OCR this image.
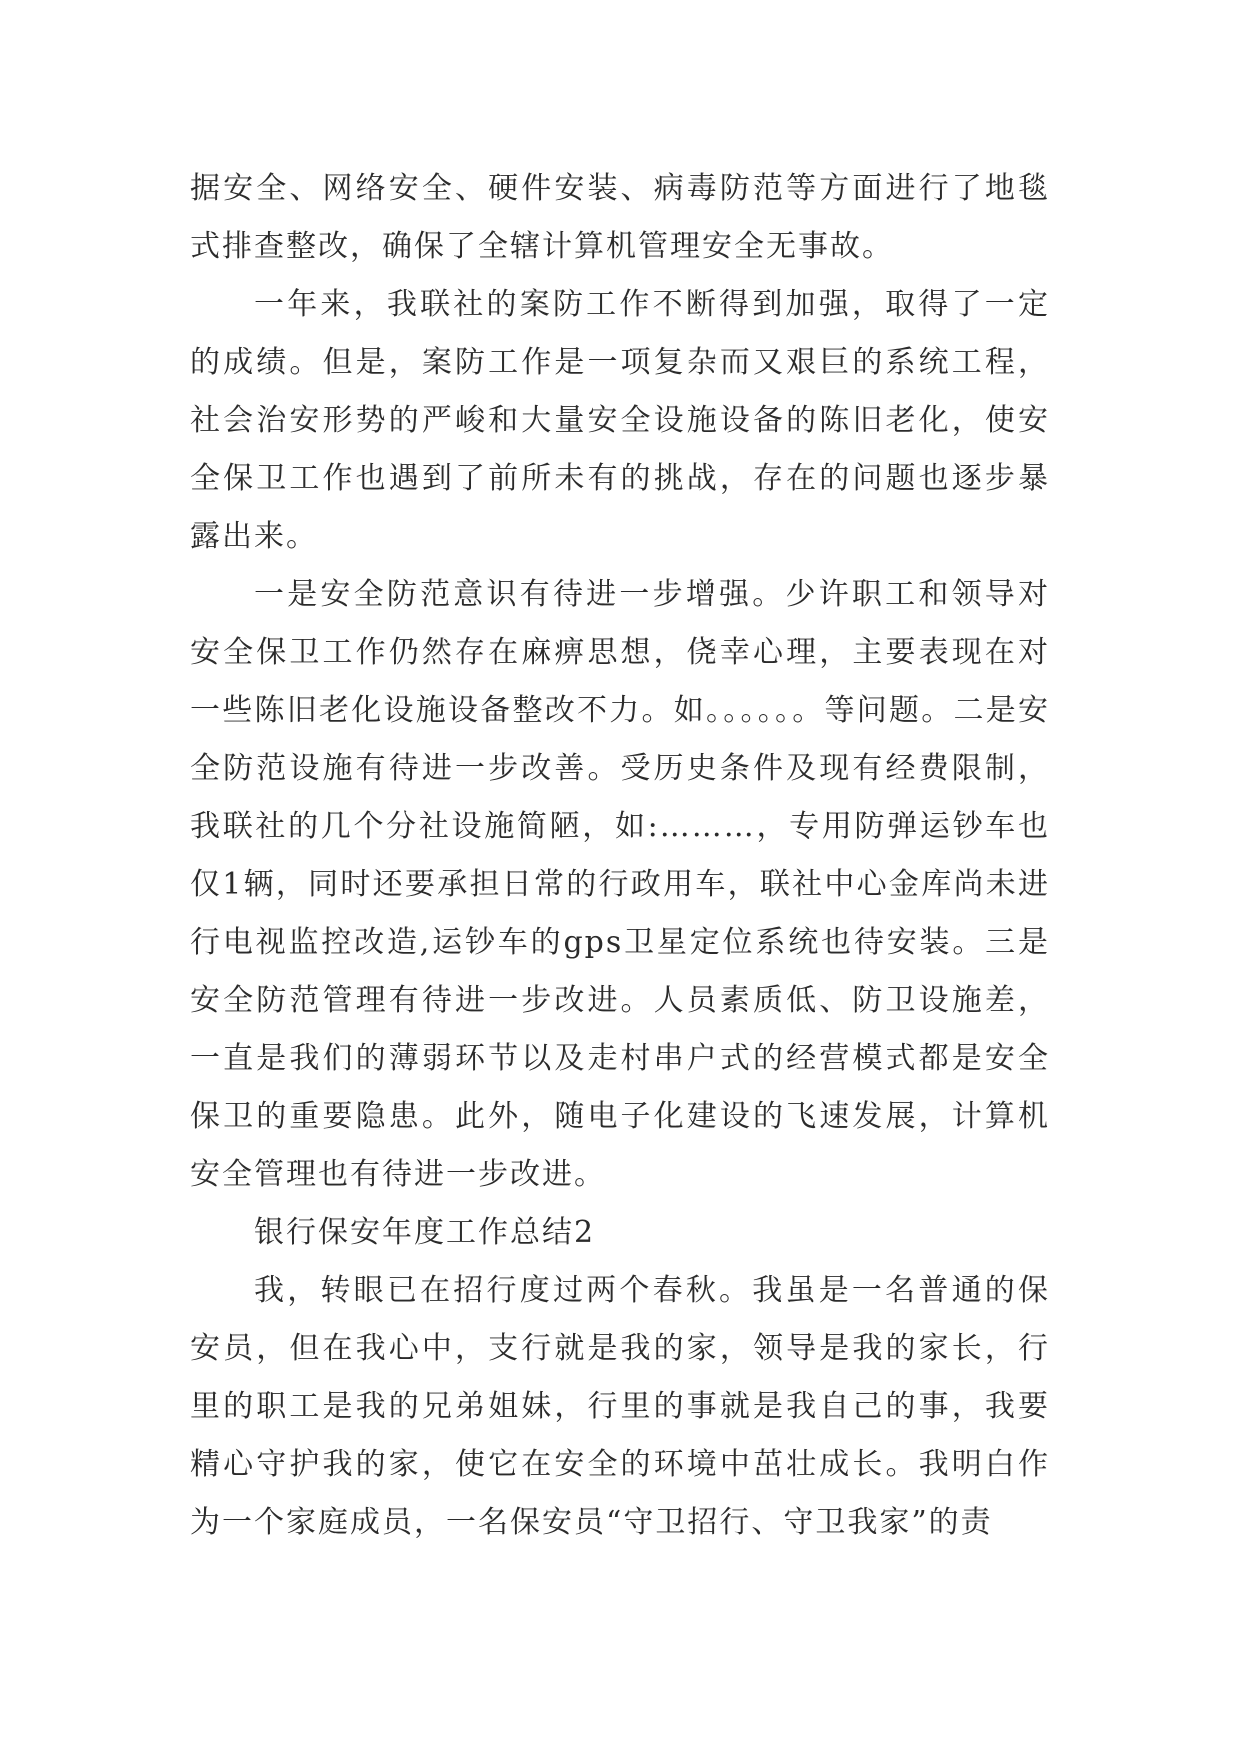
据安全、网络安全、硬件安装、病毒防范等方面进行了地毯式排查整改，确保了全辖计算机管理安全无事故。

一年来，我联社的案防工作不断得到加强，取得了一定的成绩。但是，案防工作是一项复杂而又艰巨的系统工程，社会治安形势的严峻和大量安全设施设备的陈旧老化，使安全保卫工作也遇到了前所未有的挑战，存在的问题也逐步暴露出来。

一是安全防范意识有待进一步增强。少许职工和领导对安全保卫工作仍然存在麻痹思想，侥幸心理，主要表现在对一些陈旧老化设施设备整改不力。如。。。。。。等问题。二是安全防范设施有待进一步改善。受历史条件及现有经费限制，我联社的几个分社设施简陋，如:………，专用防弹运钞车也仅1辆，同时还要承担日常的行政用车，联社中心金库尚未进行电视监控改造,运钞车的gps卫星定位系统也待安装。三是安全防范管理有待进一步改进。人员素质低、防卫设施差，一直是我们的薄弱环节以及走村串户式的经营模式都是安全保卫的重要隐患。此外，随电子化建设的飞速发展，计算机安全管理也有待进一步改进。

银行保安年度工作总结2

我，转眼已在招行度过两个春秋。我虽是一名普通的保安员，但在我心中，支行就是我的家，领导是我的家长，行里的职工是我的兄弟姐妹，行里的事就是我自己的事，我要精心守护我的家，使它在安全的环境中茁壮成长。我明白作为一个家庭成员，一名保安员“守卫招行、守卫我家”的责
